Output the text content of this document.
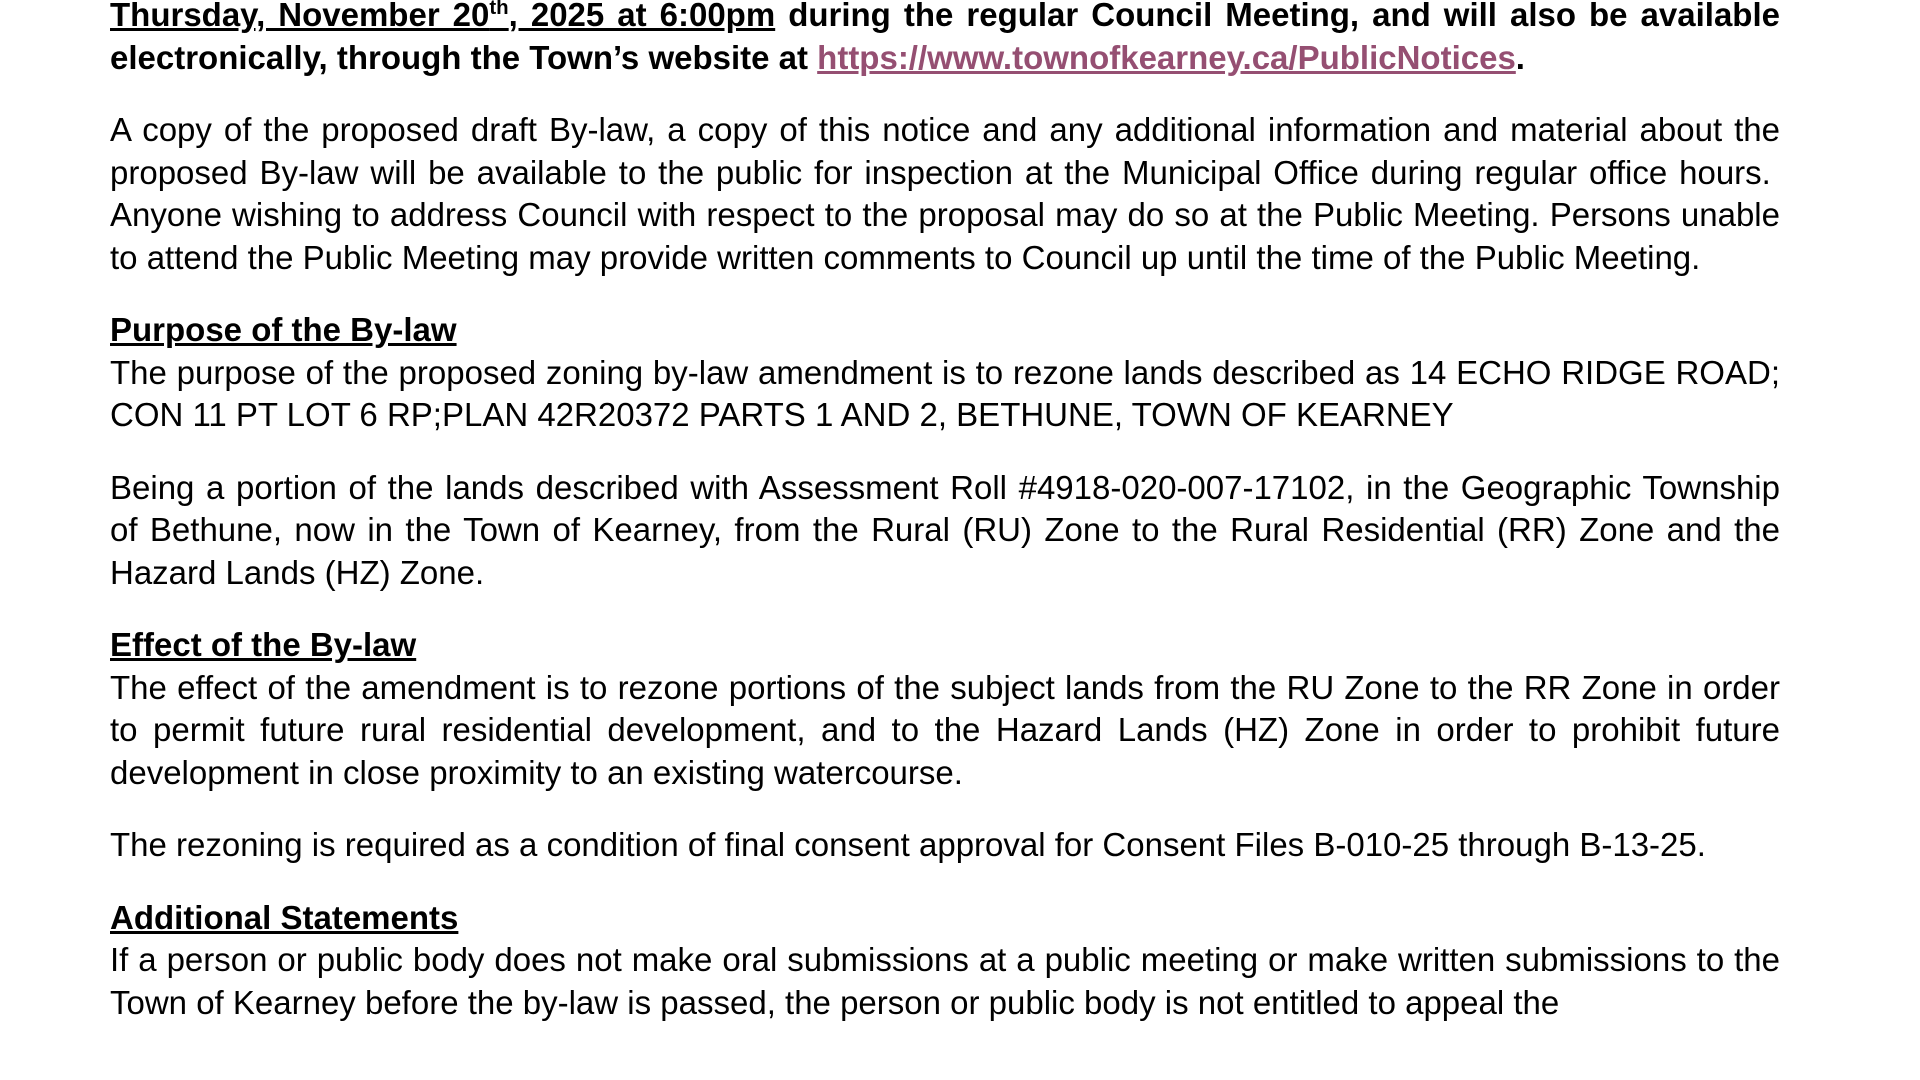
Thursday, November 20th, 2025 at 6:00pm during the regular Council Meeting, and will also be available electronically, through the Town’s website at https://www.townofkearney.ca/PublicNotices.
A copy of the proposed draft By-law, a copy of this notice and any additional information and material about the proposed By-law will be available to the public for inspection at the Municipal Office during regular office hours.  Anyone wishing to address Council with respect to the proposal may do so at the Public Meeting. Persons unable to attend the Public Meeting may provide written comments to Council up until the time of the Public Meeting.
Purpose of the By-law
The purpose of the proposed zoning by-law amendment is to rezone lands described as 14 ECHO RIDGE ROAD; CON 11 PT LOT 6 RP;PLAN 42R20372 PARTS 1 AND 2, BETHUNE, TOWN OF KEARNEY
Being a portion of the lands described with Assessment Roll #4918-020-007-17102, in the Geographic Township of Bethune, now in the Town of Kearney, from the Rural (RU) Zone to the Rural Residential (RR) Zone and the Hazard Lands (HZ) Zone.
Effect of the By-law
The effect of the amendment is to rezone portions of the subject lands from the RU Zone to the RR Zone in order to permit future rural residential development, and to the Hazard Lands (HZ) Zone in order to prohibit future development in close proximity to an existing watercourse.
The rezoning is required as a condition of final consent approval for Consent Files B-010-25 through B-13-25.
Additional Statements
If a person or public body does not make oral submissions at a public meeting or make written submissions to the Town of Kearney before the by-law is passed, the person or public body is not entitled to appeal the
